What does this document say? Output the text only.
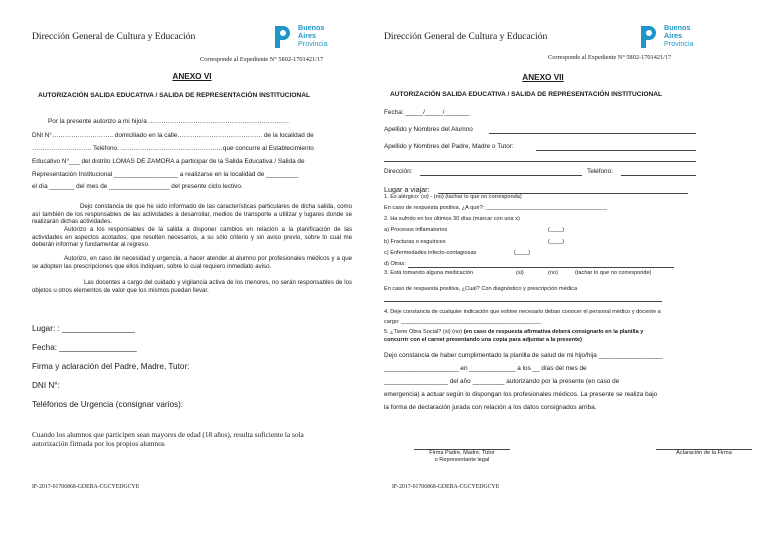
Dirección General de Cultura y Educación
Buenos
Aires
Provincia
Corresponde al Expediente N° 5802-1701421/17
ANEXO VI
AUTORIZACIÓN SALIDA EDUCATIVA / SALIDA DE REPRESENTACIÓN INSTITUCIONAL
Por la presente autorizo a mi hijo/a …………………………………………………………
DNI N°……………………….. domiciliado en la calle…………………………………. de la localidad de
………………………. Teléfono. …………………………………………que concurre al Establecimiento
Educativo N°___ del distrito LOMAS DE ZAMORA a participar de la Salida Educativa / Salida de
Representación Institucional __________________ a realizarse en la localidad de _________
el día _______ del mes de _________________ del presente ciclo lectivo.
Dejo constancia de que he sido informado de las características particulares de dicha salida, como así también de los responsables de las actividades a desarrollar, medios de transporte a utilizar y lugares donde se realizarán dichas actividades.
Autorizo a los responsables de la salida a disponer cambios en relación a la planificación de las actividades en aspectos acotados, que resulten necesarios, a su sólo criterio y sin aviso previo, sobre lo cual me deberán informar y fundamentar al regreso.
Autorizo, en caso de necesidad y urgencia, a hacer atender al alumno por profesionales médicos y a que se adopten las prescripciones que ellos indiquen, sobre lo cual requiero inmediato aviso.
Las docentes a cargo del cuidado y vigilancia activa de los menores, no serán responsables de los objetos u otros elementos de valor que los mismos puedan llevar.
Lugar: : ________________
Fecha: _________________
Firma y aclaración del Padre, Madre, Tutor:
DNI N°:
Teléfonos de Urgencia (consignar varios):
Cuando los alumnos que participen sean mayores de edad (18 años), resulta suficiente la sola
autorización firmada por los propios alumnos
IF-2017-01706868-GDEBA-CGCYEDGCYE
Dirección General de Cultura y Educación
Buenos
Aires
Provincia
Corresponde al Expediente N° 5802-1701421/17
ANEXO VII
AUTORIZACIÓN SALIDA EDUCATIVA / SALIDA DE REPRESENTACIÓN INSTITUCIONAL
Fecha: _____/_____/_______
Apellido y Nombres del Alumno
Apellido y Nombres del Padre, Madre o Tutor:
Dirección:	Teléfono:
Lugar a viajar:
1. Es alérgico: (si) - (no) (tachar lo que no corresponda)
En caso de respuesta positiva, ¿A qué?: _______________________________________
2. Ha sufrido en los últimos 30 días (marcar con una x)
a) Procesos inflamatorios	(____)
b) Fracturas o esguinces	(____)
c) Enfermedades infecto-contagiosas	(____)
d) Otras:
3. Está tomando alguna medicación	(si)	(no)	(tachar lo que no corresponde)
En caso de respuesta positiva, ¿Cuál? Con diagnóstico y prescripción médica
4. Deje constancia de cualquier indicación que estime necesario deban conocer el personal médico y docente a
cargo: _____________________________________________
5. ¿Tiene Obra Social? (si) (no) (en caso de respuesta afirmativa deberá consignarlo en la planilla y
concurrir con el carnet presentando una copia para adjuntar a la presente)
Dejo constancia de haber cumplimentado la planilla de salud de mi hijo/hija __________________
_____________________ en _____________ a los __ días del mes de
__________________ del año _________ autorizando por la presente (en caso de
emergencia) a actuar según lo dispongan los profesionales médicos. La presente se realiza bajo
la forma de declaración jurada con relación a los datos consignados arriba.
Firma Padre, Madre, Tutor
o Representante legal
Aclaración de la Firma
IF-2017-01706868-GDEBA-CGCYEDGCYE
